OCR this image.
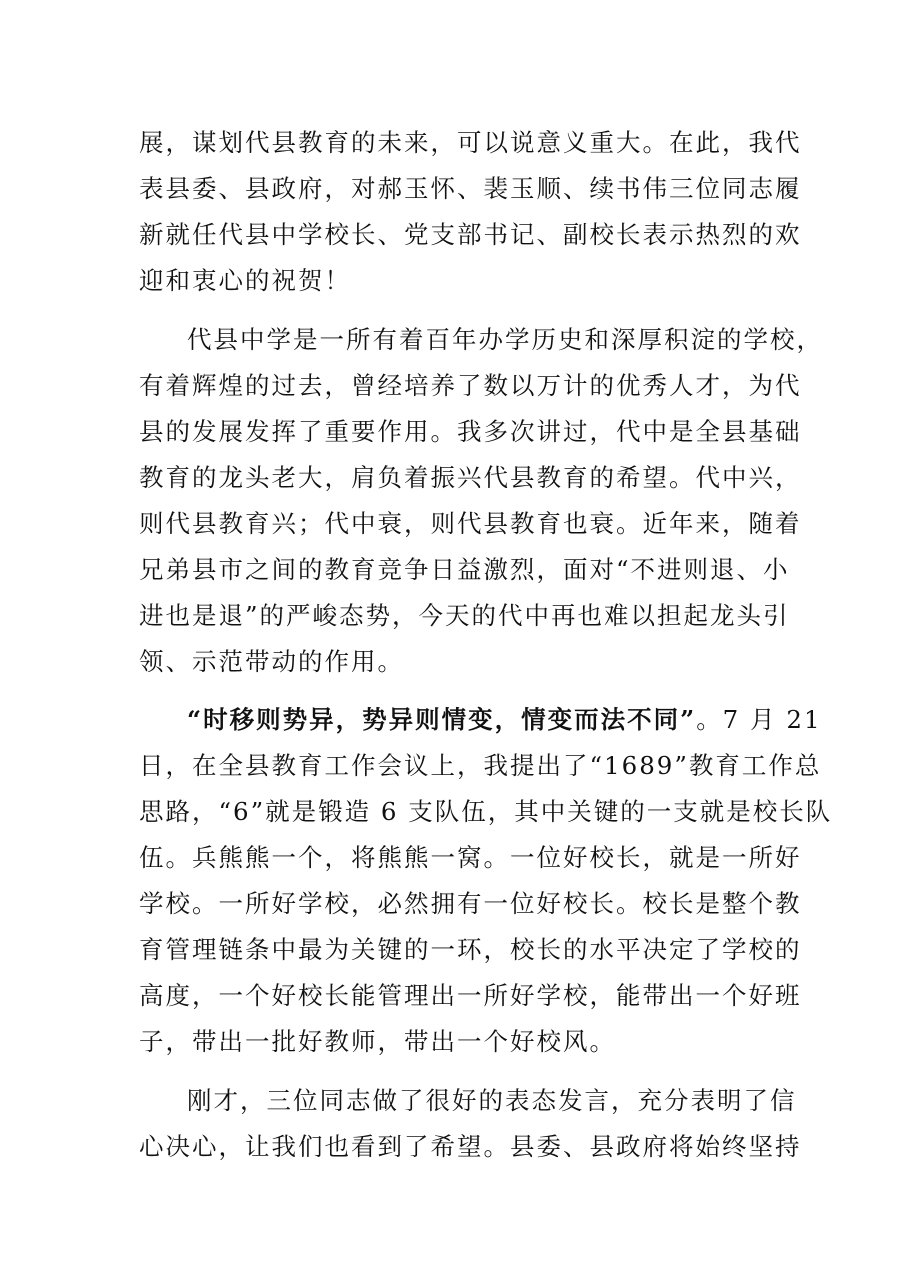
展，谋划代县教育的未来，可以说意义重大。在此，我代
表县委、县政府，对郝玉怀、裴玉顺、续书伟三位同志履
新就任代县中学校长、党支部书记、副校长表示热烈的欢
迎和衷心的祝贺！
代县中学是一所有着百年办学历史和深厚积淀的学校，
有着辉煌的过去，曾经培养了数以万计的优秀人才，为代
县的发展发挥了重要作用。我多次讲过，代中是全县基础
教育的龙头老大，肩负着振兴代县教育的希望。代中兴，
则代县教育兴；代中衰，则代县教育也衰。近年来，随着
兄弟县市之间的教育竞争日益激烈，面对“不进则退、小
进也是退”的严峻态势，今天的代中再也难以担起龙头引
领、示范带动的作用。
“时移则势异，势异则情变，情变而法不同”。7 月 21
日，在全县教育工作会议上，我提出了“1689”教育工作总
思路，“6”就是锻造 6 支队伍，其中关键的一支就是校长队
伍。兵熊熊一个，将熊熊一窝。一位好校长，就是一所好
学校。一所好学校，必然拥有一位好校长。校长是整个教
育管理链条中最为关键的一环，校长的水平决定了学校的
高度，一个好校长能管理出一所好学校，能带出一个好班
子，带出一批好教师，带出一个好校风。
刚才，三位同志做了很好的表态发言，充分表明了信
心决心，让我们也看到了希望。县委、县政府将始终坚持
